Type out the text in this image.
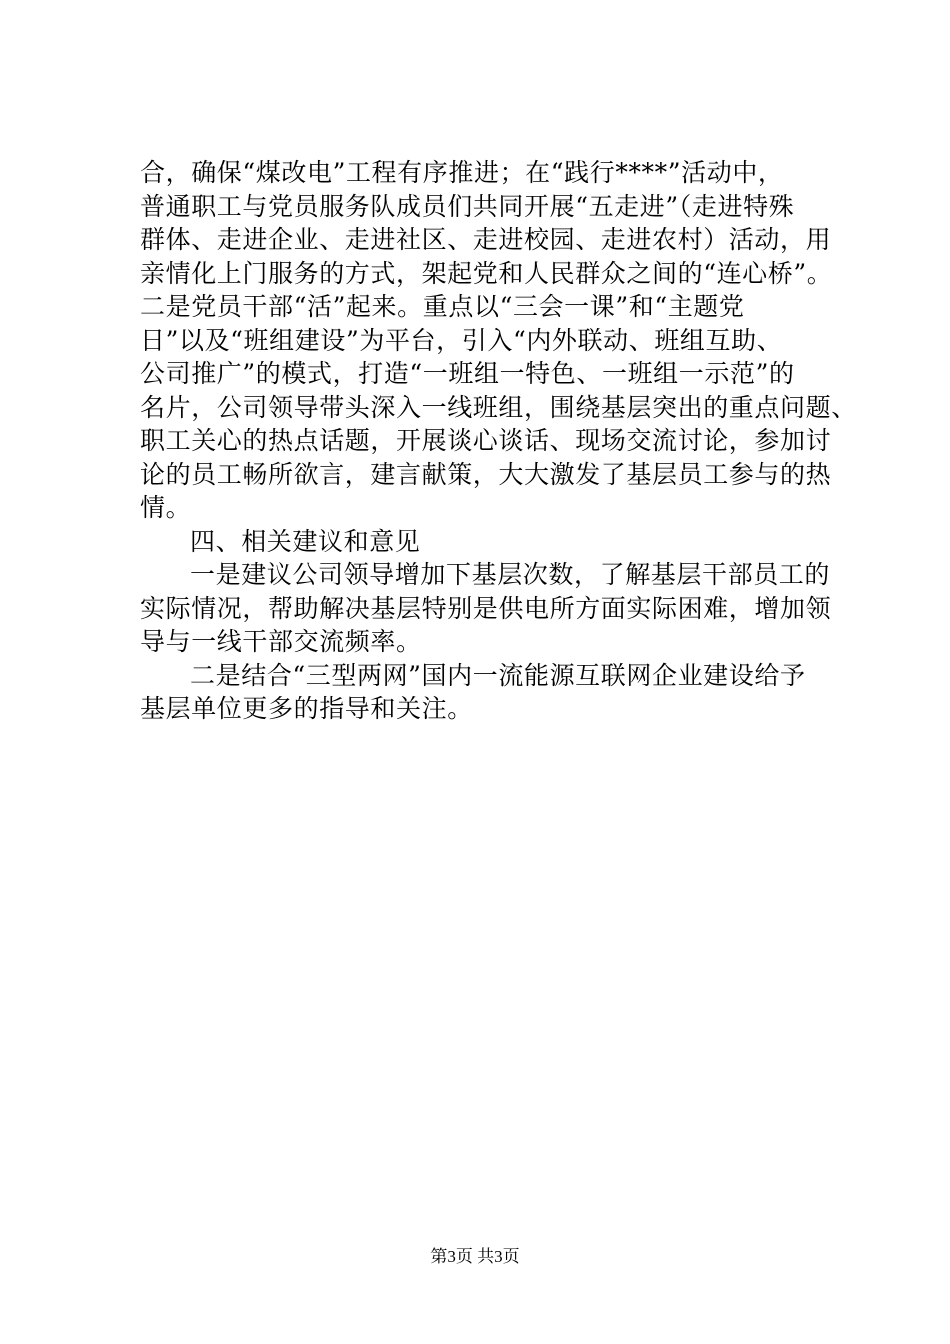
合，确保“煤改电”工程有序推进；在“践行****”活动中，
普通职工与党员服务队成员们共同开展“五走进”（走进特殊
群体、走进企业、走进社区、走进校园、走进农村）活动，用
亲情化上门服务的方式，架起党和人民群众之间的“连心桥”。
二是党员干部“活”起来。重点以“三会一课”和“主题党
日”以及“班组建设”为平台，引入“内外联动、班组互助、
公司推广”的模式，打造“一班组一特色、一班组一示范”的
名片，公司领导带头深入一线班组，围绕基层突出的重点问题、
职工关心的热点话题，开展谈心谈话、现场交流讨论，参加讨
论的员工畅所欲言，建言献策，大大激发了基层员工参与的热
情。
四、相关建议和意见
一是建议公司领导增加下基层次数，了解基层干部员工的
实际情况，帮助解决基层特别是供电所方面实际困难，增加领
导与一线干部交流频率。
二是结合“三型两网”国内一流能源互联网企业建设给予
基层单位更多的指导和关注。
第3页 共3页
